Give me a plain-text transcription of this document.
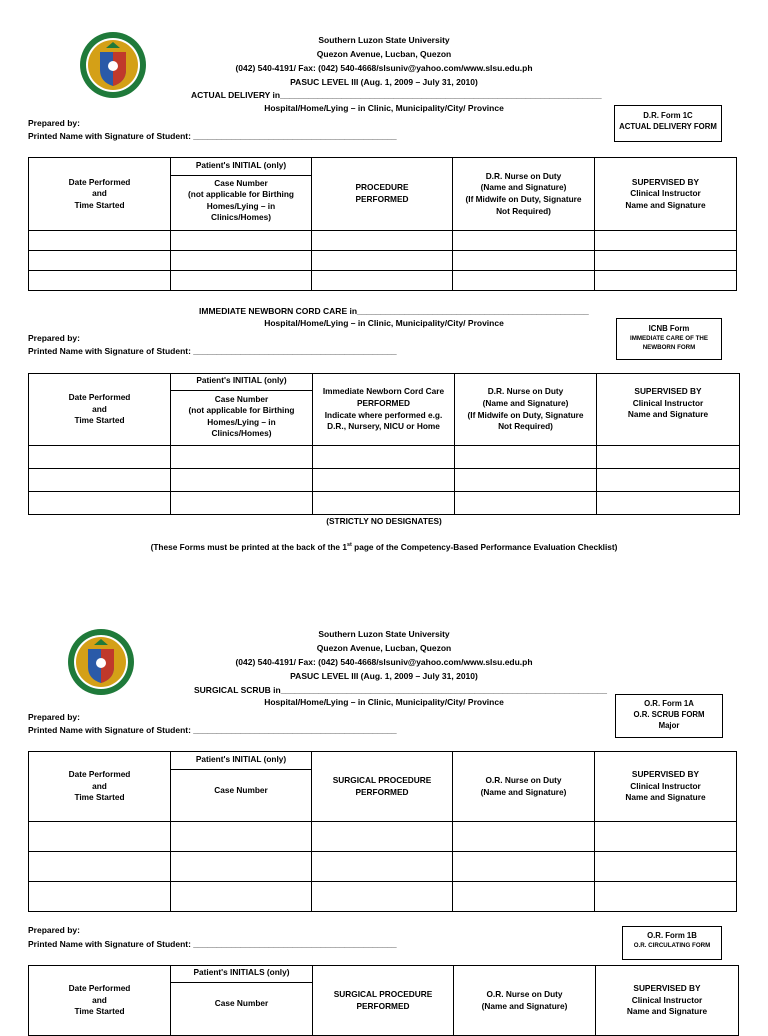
Southern Luzon State University
Quezon Avenue, Lucban, Quezon
(042) 540-4191/ Fax: (042) 540-4668/slsuniv@yahoo.com/www.slsu.edu.ph
PASUC LEVEL III (Aug. 1, 2009 – July 31, 2010)
ACTUAL DELIVERY in____________________________________________________________________
Hospital/Home/Lying – in Clinic, Municipality/City/ Province
Prepared by:
Printed Name with Signature of Student: ___________________________________________
D.R. Form 1C
ACTUAL DELIVERY FORM
Date Performed
and
Time Started	Patient's INITIAL (only)
Case Number
(not applicable for Birthing
Homes/Lying – in
Clinics/Homes)	PROCEDURE
PERFORMED	D.R. Nurse on Duty
(Name and Signature)
(If Midwife on Duty, Signature
Not Required)	SUPERVISED BY
Clinical Instructor
Name and Signature

IMMEDIATE NEWBORN CORD CARE in_________________________________________________
Hospital/Home/Lying – in Clinic, Municipality/City/ Province
Prepared by:
Printed Name with Signature of Student: ___________________________________________
ICNB Form
IMMEDIATE CARE OF THE NEWBORN FORM
Date Performed
and
Time Started	Patient's INITIAL (only)
Case Number
(not applicable for Birthing
Homes/Lying – in
Clinics/Homes)	Immediate Newborn Cord Care
PERFORMED
Indicate where performed e.g.
D.R., Nursery, NICU or Home	D.R. Nurse on Duty
(Name and Signature)
(If Midwife on Duty, Signature
Not Required)	SUPERVISED BY
Clinical Instructor
Name and Signature

(STRICTLY NO DESIGNATES)
(These Forms must be printed at the back of the 1st page of the Competency-Based Performance Evaluation Checklist)
Southern Luzon State University
Quezon Avenue, Lucban, Quezon
(042) 540-4191/ Fax: (042) 540-4668/slsuniv@yahoo.com/www.slsu.edu.ph
PASUC LEVEL III (Aug. 1, 2009 – July 31, 2010)
SURGICAL SCRUB in_____________________________________________________________________
Hospital/Home/Lying – in Clinic, Municipality/City/ Province
Prepared by:
Printed Name with Signature of Student: ___________________________________________
O.R. Form 1A
O.R. SCRUB FORM
Major
Date Performed
and
Time Started	Patient's INITIAL (only)
Case Number	SURGICAL PROCEDURE
PERFORMED	O.R. Nurse on Duty
(Name and Signature)	SUPERVISED BY
Clinical Instructor
Name and Signature

Prepared by:
Printed Name with Signature of Student: ___________________________________________
O.R. Form 1B
O.R. CIRCULATING FORM
Date Performed
and
Time Started	
Patient's INITIALS (only)
Case Number
	SURGICAL PROCEDURE
PERFORMED	O.R. Nurse on Duty
(Name and Signature)	SUPERVISED BY
Clinical Instructor
Name and Signature
